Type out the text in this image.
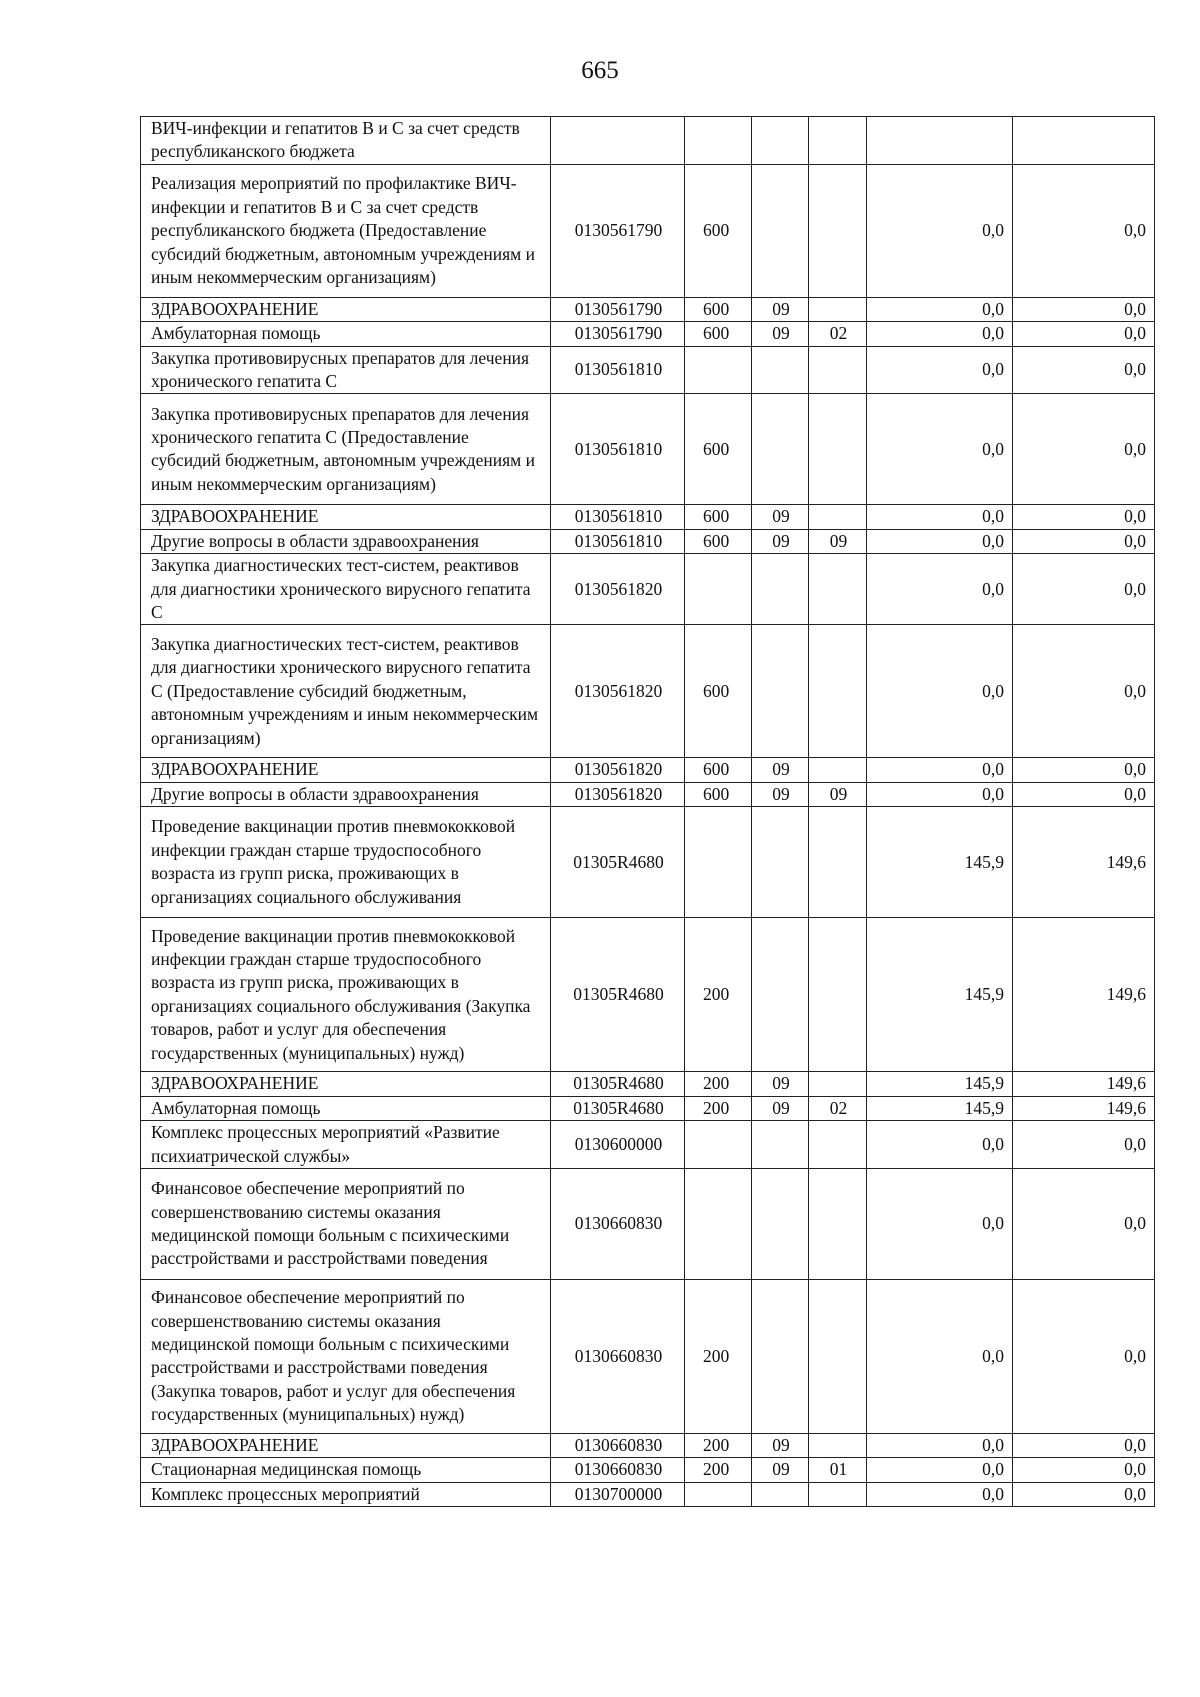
665
ВИЧ-инфекции и гепатитов В и С за счет средств республиканского бюджета						
Реализация мероприятий по профилактике ВИЧ-инфекции и гепатитов В и С за счет средств республиканского бюджета (Предоставление субсидий бюджетным, автономным учреждениям и иным некоммерческим организациям)	0130561790	600			0,0	0,0
ЗДРАВООХРАНЕНИЕ	0130561790	600	09		0,0	0,0
Амбулаторная помощь	0130561790	600	09	02	0,0	0,0
Закупка противовирусных препаратов для лечения хронического гепатита С	0130561810				0,0	0,0
Закупка противовирусных препаратов для лечения хронического гепатита С (Предоставление субсидий бюджетным, автономным учреждениям и иным некоммерческим организациям)	0130561810	600			0,0	0,0
ЗДРАВООХРАНЕНИЕ	0130561810	600	09		0,0	0,0
Другие вопросы в области здравоохранения	0130561810	600	09	09	0,0	0,0
Закупка диагностических тест-систем, реактивов для диагностики хронического вирусного гепатита С	0130561820				0,0	0,0
Закупка диагностических тест-систем, реактивов для диагностики хронического вирусного гепатита С (Предоставление субсидий бюджетным, автономным учреждениям и иным некоммерческим организациям)	0130561820	600			0,0	0,0
ЗДРАВООХРАНЕНИЕ	0130561820	600	09		0,0	0,0
Другие вопросы в области здравоохранения	0130561820	600	09	09	0,0	0,0
Проведение вакцинации против пневмококковой инфекции граждан старше трудоспособного возраста из групп риска, проживающих в организациях социального обслуживания	01305R4680				145,9	149,6
Проведение вакцинации против пневмококковой инфекции граждан старше трудоспособного возраста из групп риска, проживающих в организациях социального обслуживания (Закупка товаров, работ и услуг для обеспечения государственных (муниципальных) нужд)	01305R4680	200			145,9	149,6
ЗДРАВООХРАНЕНИЕ	01305R4680	200	09		145,9	149,6
Амбулаторная помощь	01305R4680	200	09	02	145,9	149,6
Комплекс процессных мероприятий «Развитие психиатрической службы»	0130600000				0,0	0,0
Финансовое обеспечение мероприятий по совершенствованию системы оказания медицинской помощи больным с психическими расстройствами и расстройствами поведения	0130660830				0,0	0,0
Финансовое обеспечение мероприятий по совершенствованию системы оказания медицинской помощи больным с психическими расстройствами и расстройствами поведения (Закупка товаров, работ и услуг для обеспечения государственных (муниципальных) нужд)	0130660830	200			0,0	0,0
ЗДРАВООХРАНЕНИЕ	0130660830	200	09		0,0	0,0
Стационарная медицинская помощь	0130660830	200	09	01	0,0	0,0
Комплекс процессных мероприятий	0130700000				0,0	0,0
